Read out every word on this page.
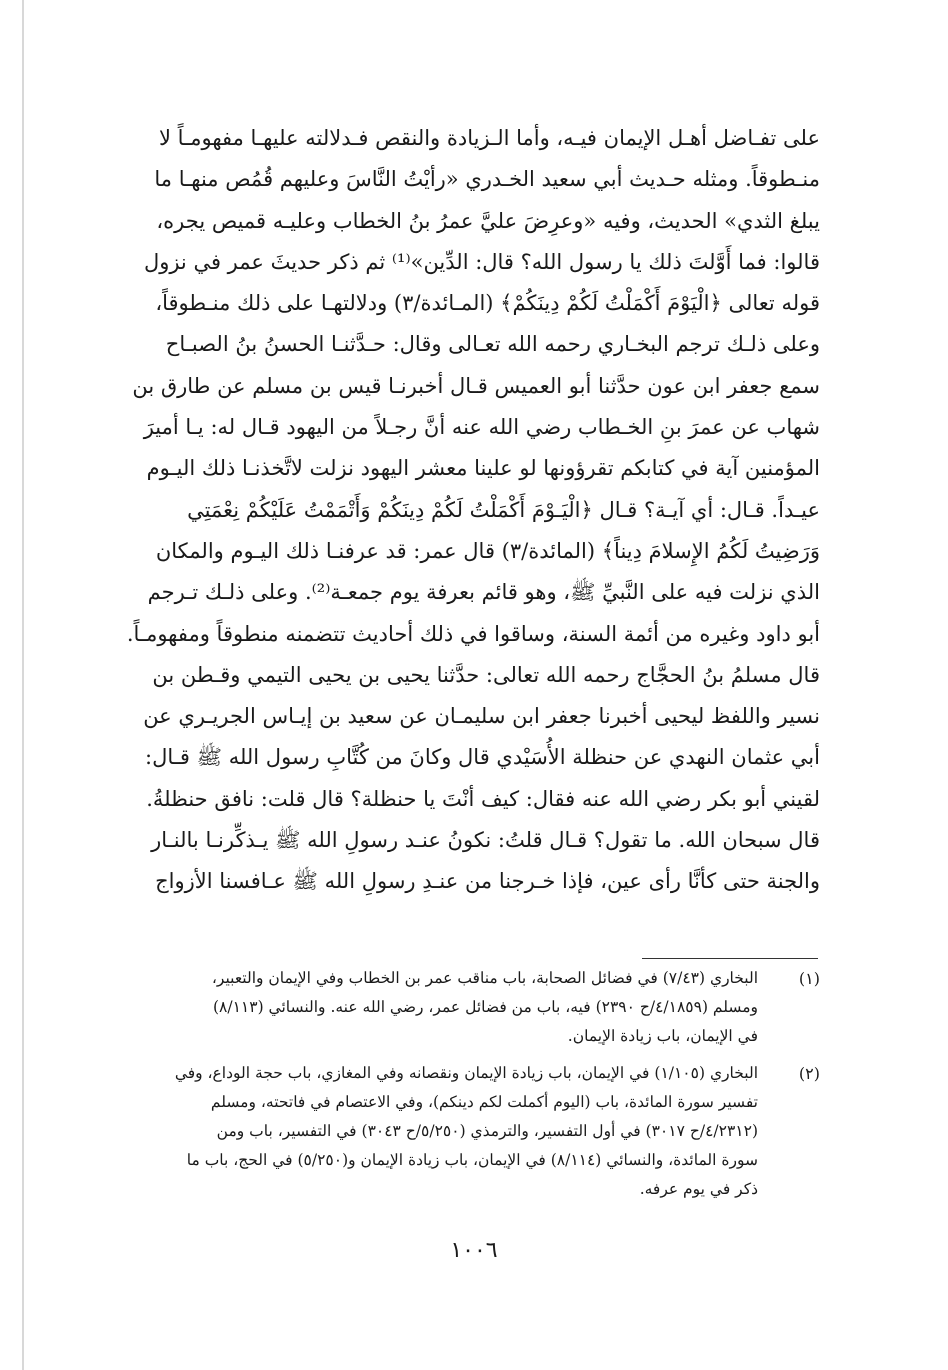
على تفـاضل أهـل الإيمان فيـه، وأما الـزيادة والنقص فـدلالته عليهـا مفهومـاً لا
منـطوقاً. ومثله حـديث أبي سعيد الخـدري «رأيْتُ النَّاسَ وعليهم قُمُص منهـا ما
يبلغ الثدي» الحديث، وفيه «وعرِضَ عليَّ عمرُ بنُ الخطاب وعليـه قميص يجره،
قالوا: فما أَوَّلتَ ذلك يا رسول الله؟ قال: الدِّين»⁽¹⁾ ثم ذكر حديثَ عمر في نزول
قوله تعالى ﴿الْيَوْمَ أَكْمَلْتُ لَكُمْ دِينَكُمْ﴾ (المـائدة/٣) ودلالتهـا على ذلك منـطوقاً،
وعلى ذلـك ترجم البخـاري رحمه الله تعـالى وقال: حـدَّثنـا الحسنُ بنُ الصبـاح
سمع جعفر ابن عون حدَّثنا أبو العميس قـال أخبرنـا قيس بن مسلم عن طارق بن
شهاب عن عمرَ بنِ الخـطاب رضي الله عنه أنَّ رجـلاً من اليهود قـال له: يـا أميرَ
المؤمنين آية في كتابكم تقرؤونها لو علينا معشر اليهود نزلت لاتَّخذنـا ذلك اليـوم
عيـداً. قـال: أي آيـة؟ قـال ﴿الْيَـوْمَ أَكْمَلْتُ لَكُمْ دِينَكُمْ وَأَتْمَمْتُ عَلَيْكُمْ نِعْمَتِي
وَرَضِيتُ لَكُمُ الإِسلامَ دِيناً﴾ (المائدة/٣) قال عمر: قد عرفنـا ذلك اليـوم والمكان
الذي نزلت فيه على النَّبيِّ ﷺ، وهو قائم بعرفة يوم جمعـة⁽²⁾. وعلى ذلـك تـرجم
أبو داود وغيره من أئمة السنة، وساقوا في ذلك أحاديث تتضمنه منطوقاً ومفهومـاً.
قال مسلمُ بنُ الحجَّاج رحمه الله تعالى: حدَّثنا يحيى بن يحيى التيمي وقـطن بن
نسير واللفظ ليحيى أخبرنا جعفر ابن سليمـان عن سعيد بن إيـاس الجريـري عن
أبي عثمان النهدي عن حنظلة الأُسَيْدي قال وكانَ من كُتَّابِ رسول الله ﷺ قـال:
لقيني أبو بكر رضي الله عنه فقال: كيف أنْتَ يا حنظلة؟ قال قلت: نافق حنظلةُ.
قال سبحان الله. ما تقول؟ قـال قلتُ: نكونُ عنـد رسولِ الله ﷺ يـذكِّرنـا بالنـار
والجنة حتى كأنَّا رأى عين، فإذا خـرجنا من عنـدِ رسولِ الله ﷺ عـافسنا الأزواج
(١)
البخاري (٧/٤٣) في فضائل الصحابة، باب مناقب عمر بن الخطاب وفي الإيمان والتعبير،
ومسلم (٤/١٨٥٩/ح ٢٣٩٠) فيه، باب من فضائل عمر، رضي الله عنه. والنسائي (٨/١١٣)
في الإيمان، باب زيادة الإيمان.
(٢)
البخاري (١/١٠٥) في الإيمان، باب زيادة الإيمان ونقصانه وفي المغازي، باب حجة الوداع، وفي
تفسير سورة المائدة، باب (اليوم أكملت لكم دينكم)، وفي الاعتصام في فاتحته، ومسلم
(٤/٢٣١٢/ح ٣٠١٧) في أول التفسير، والترمذي (٥/٢٥٠/ح ٣٠٤٣) في التفسير، باب ومن
سورة المائدة، والنسائي (٨/١١٤) في الإيمان، باب زيادة الإيمان و(٥/٢٥٠) في الحج، باب ما
ذكر في يوم عرفه.
١٠٠٦
